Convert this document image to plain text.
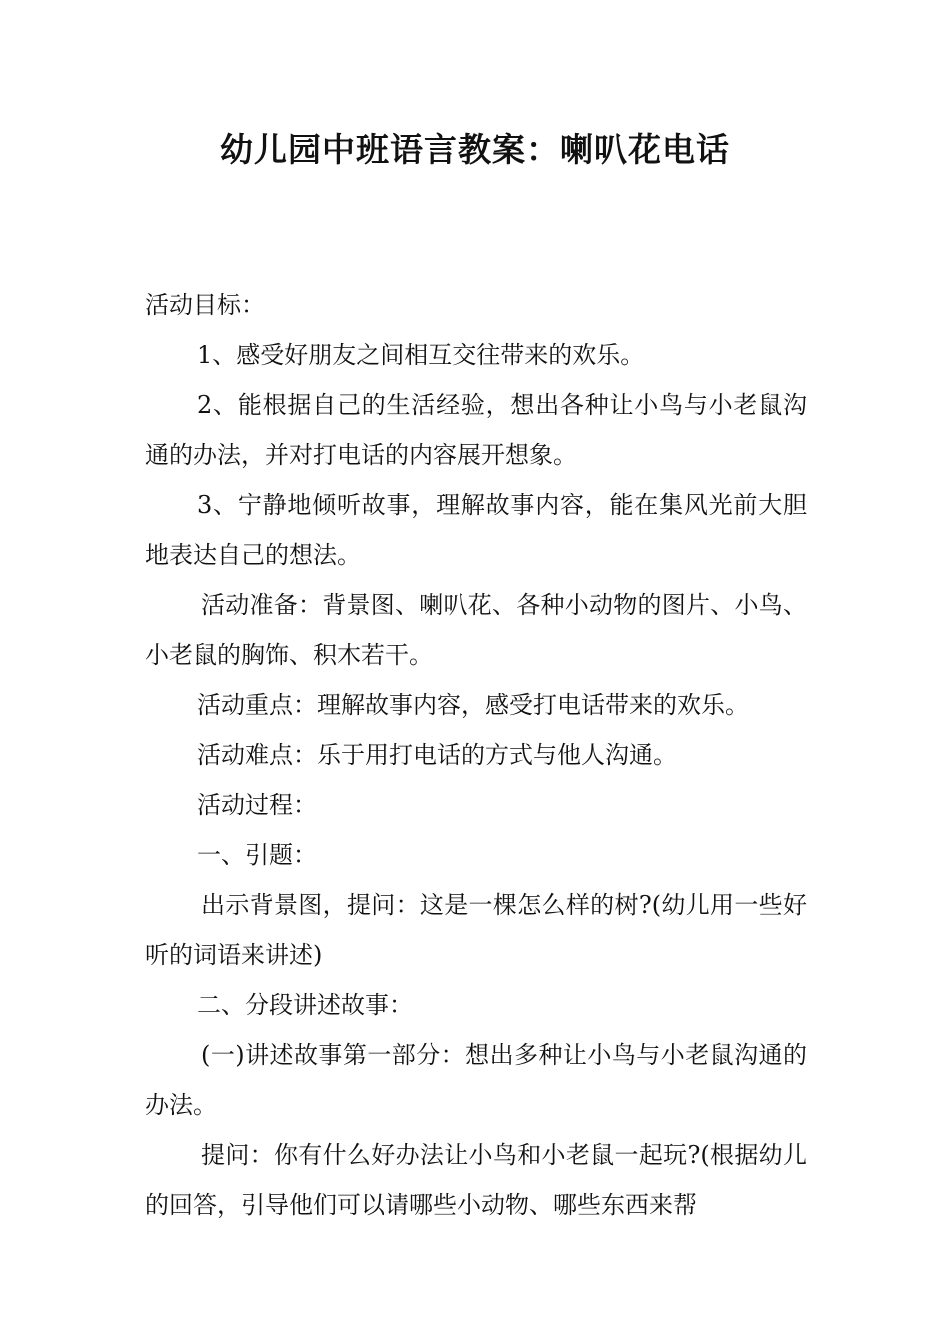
幼儿园中班语言教案：喇叭花电话

活动目标：

1、感受好朋友之间相互交往带来的欢乐。

2、能根据自己的生活经验，想出各种让小鸟与小老鼠沟通的办法，并对打电话的内容展开想象。

3、宁静地倾听故事，理解故事内容，能在集风光前大胆地表达自己的想法。

活动准备：背景图、喇叭花、各种小动物的图片、小鸟、小老鼠的胸饰、积木若干。

活动重点：理解故事内容，感受打电话带来的欢乐。

活动难点：乐于用打电话的方式与他人沟通。

活动过程：

一、引题：

出示背景图，提问：这是一棵怎么样的树?(幼儿用一些好听的词语来讲述)

二、分段讲述故事：

(一)讲述故事第一部分：想出多种让小鸟与小老鼠沟通的办法。

提问：你有什么好办法让小鸟和小老鼠一起玩?(根据幼儿的回答，引导他们可以请哪些小动物、哪些东西来帮
